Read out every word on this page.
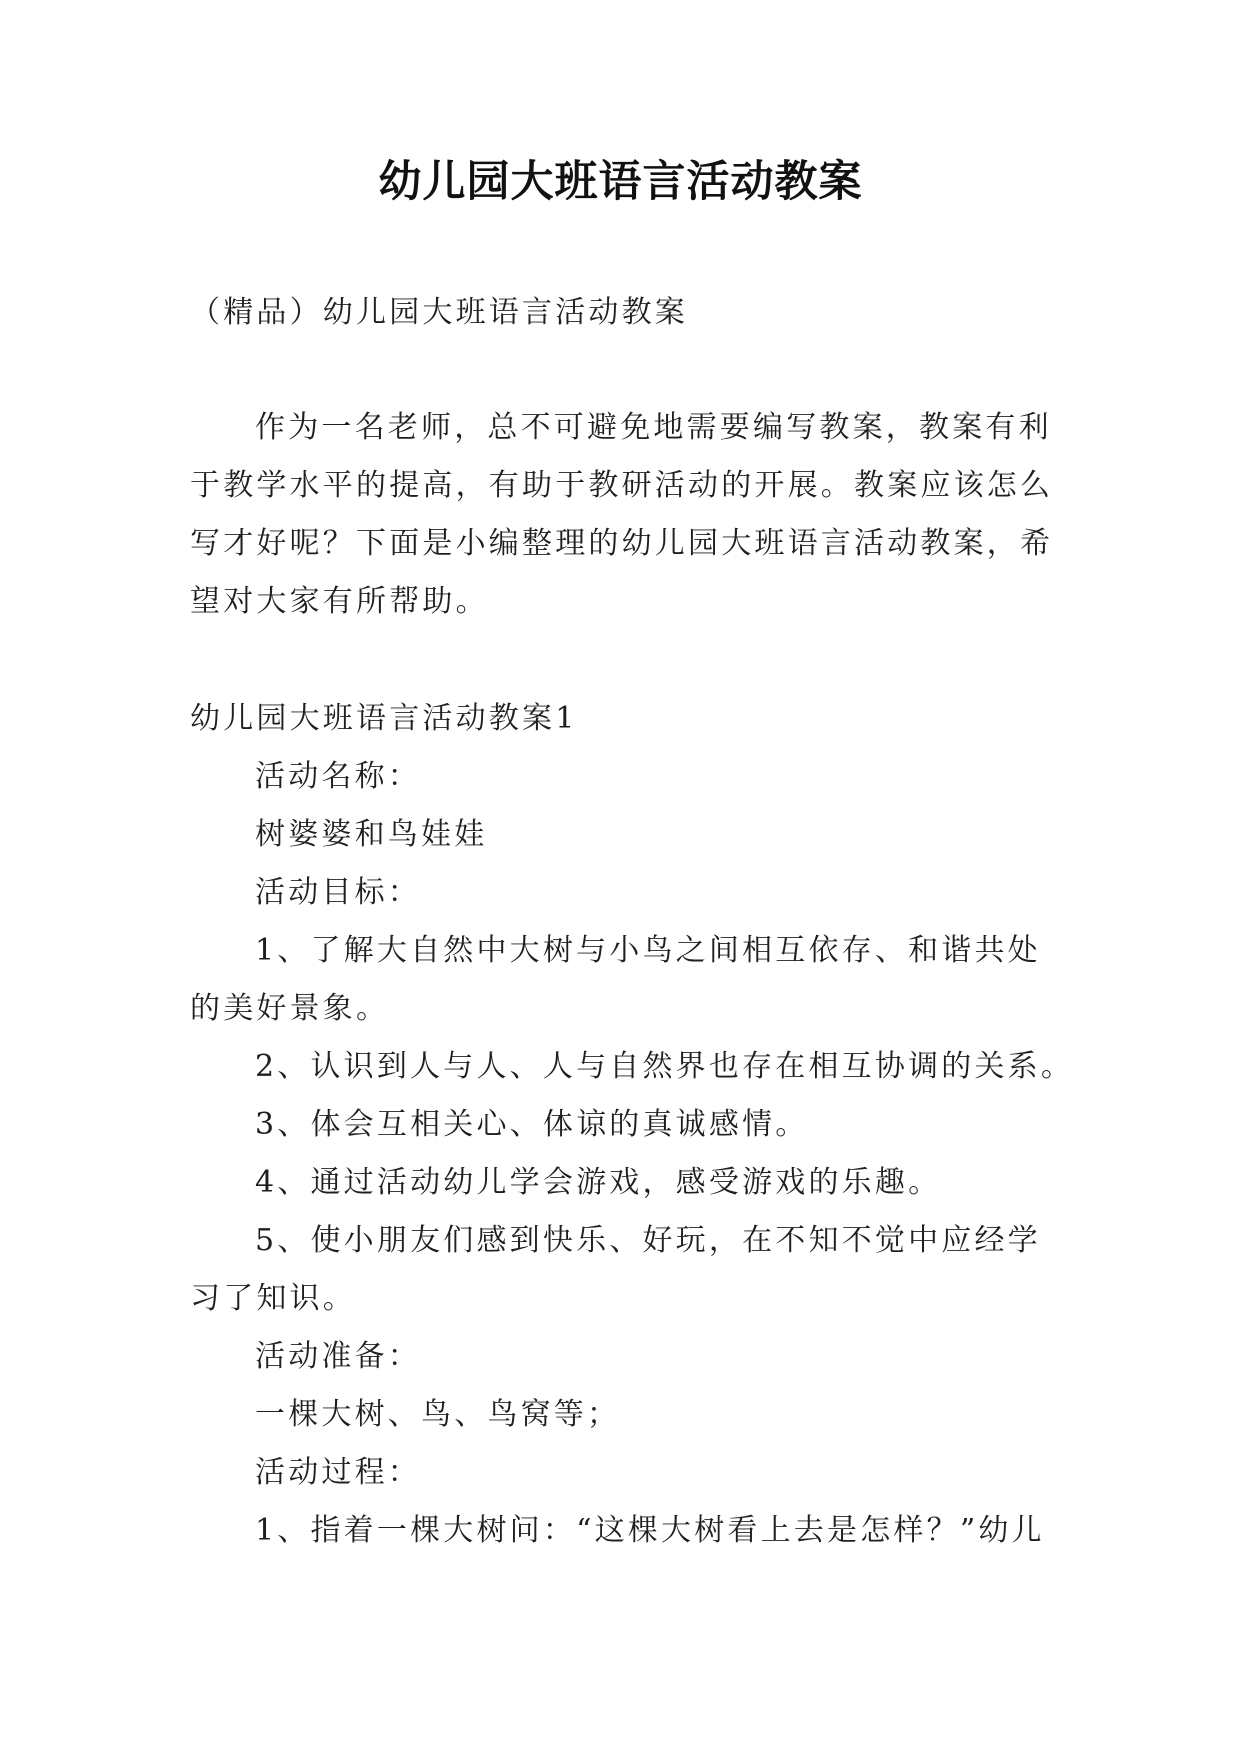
幼儿园大班语言活动教案
（精品）幼儿园大班语言活动教案
作为一名老师，总不可避免地需要编写教案，教案有利
于教学水平的提高，有助于教研活动的开展。教案应该怎么
写才好呢？下面是小编整理的幼儿园大班语言活动教案，希
望对大家有所帮助。
幼儿园大班语言活动教案1
活动名称：
树婆婆和鸟娃娃
活动目标：
1、了解大自然中大树与小鸟之间相互依存、和谐共处
的美好景象。
2、认识到人与人、人与自然界也存在相互协调的关系。
3、体会互相关心、体谅的真诚感情。
4、通过活动幼儿学会游戏，感受游戏的乐趣。
5、使小朋友们感到快乐、好玩，在不知不觉中应经学
习了知识。
活动准备：
一棵大树、鸟、鸟窝等；
活动过程：
1、指着一棵大树问：“这棵大树看上去是怎样？”幼儿
